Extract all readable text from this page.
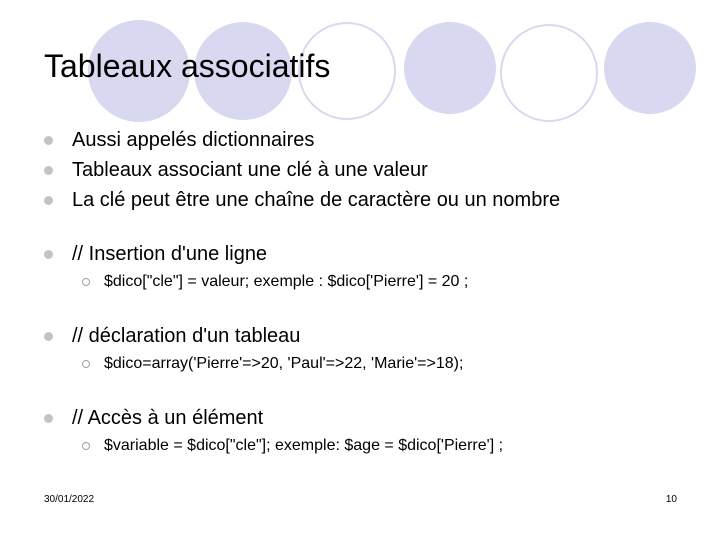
Tableaux associatifs
Aussi appelés dictionnaires
Tableaux associant une clé à une valeur
La clé peut être une chaîne de caractère ou un nombre
// Insertion d'une ligne
$dico["cle"] = valeur; exemple : $dico['Pierre'] = 20 ;
// déclaration d'un tableau
$dico=array('Pierre'=>20, 'Paul'=>22, 'Marie'=>18);
// Accès à un élément
$variable = $dico["cle"]; exemple: $age = $dico['Pierre'] ;
30/01/2022	10
